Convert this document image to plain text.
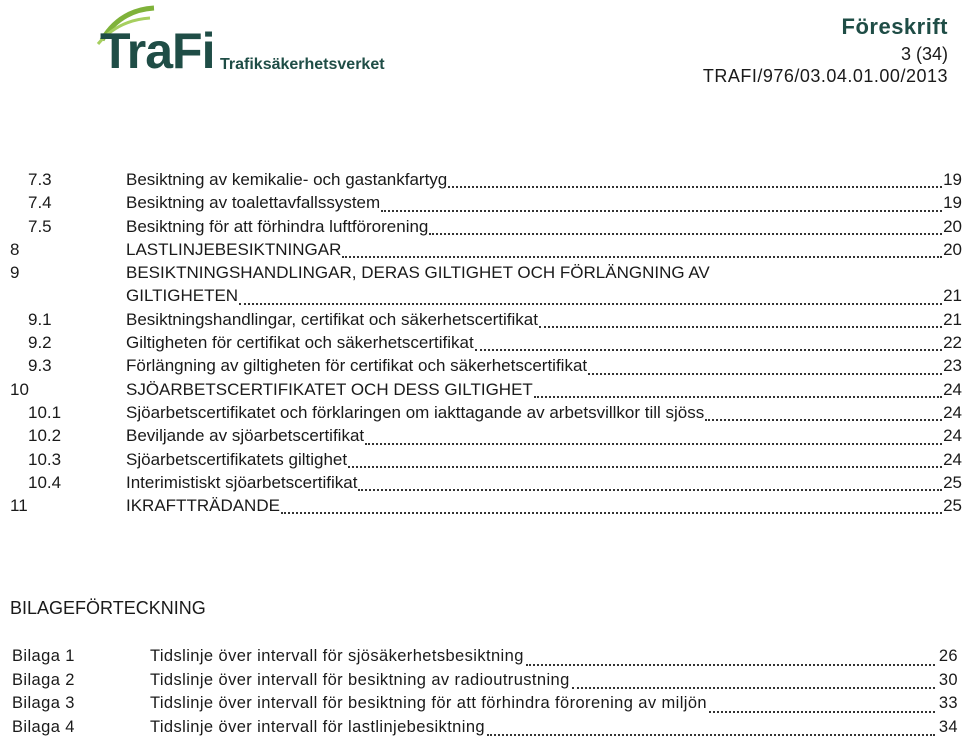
TraFi Trafiksäkerhetsverket
Föreskrift
3 (34)
TRAFI/976/03.04.01.00/2013
7.3	Besiktning av kemikalie- och gastankfartyg	19
7.4	Besiktning av toalettavfallssystem	19
7.5	Besiktning för att förhindra luftförorening	20
8	LASTLINJEBESIKTNINGAR	20
9	BESIKTNINGSHANDLINGAR, DERAS GILTIGHET OCH FÖRLÄNGNING AV
GILTIGHETEN	21
9.1	Besiktningshandlingar, certifikat och säkerhetscertifikat	21
9.2	Giltigheten för certifikat och säkerhetscertifikat	22
9.3	Förlängning av giltigheten för certifikat och säkerhetscertifikat	23
10	SJÖARBETSCERTIFIKATET OCH DESS GILTIGHET	24
10.1	Sjöarbetscertifikatet och förklaringen om iakttagande av arbetsvillkor till sjöss	24
10.2	Beviljande av sjöarbetscertifikat	24
10.3	Sjöarbetscertifikatets giltighet	24
10.4	Interimistiskt sjöarbetscertifikat	25
11	IKRAFTTRÄDANDE	25
BILAGEFÖRTECKNING
Bilaga 1	Tidslinje över intervall för sjösäkerhetsbesiktning	26
Bilaga 2	Tidslinje över intervall för besiktning av radioutrustning	30
Bilaga 3	Tidslinje över intervall för besiktning för att förhindra förorening av miljön	33
Bilaga 4	Tidslinje över intervall för lastlinjebesiktning	34
